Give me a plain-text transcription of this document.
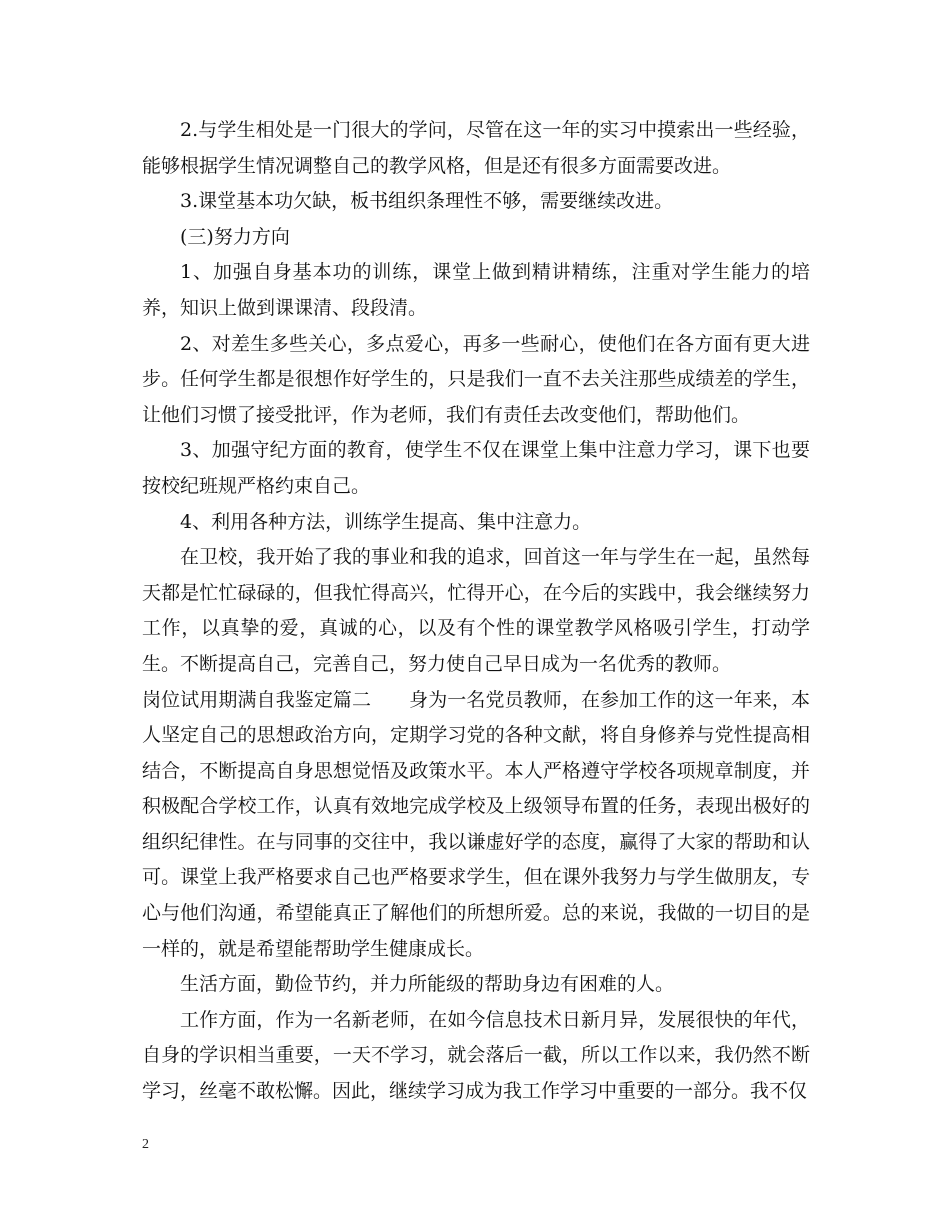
2.与学生相处是一门很大的学问，尽管在这一年的实习中摸索出一些经验，能够根据学生情况调整自己的教学风格，但是还有很多方面需要改进。

3.课堂基本功欠缺，板书组织条理性不够，需要继续改进。

(三)努力方向

1、加强自身基本功的训练，课堂上做到精讲精练，注重对学生能力的培养，知识上做到课课清、段段清。

2、对差生多些关心，多点爱心，再多一些耐心，使他们在各方面有更大进步。任何学生都是很想作好学生的，只是我们一直不去关注那些成绩差的学生，让他们习惯了接受批评，作为老师，我们有责任去改变他们，帮助他们。

3、加强守纪方面的教育，使学生不仅在课堂上集中注意力学习，课下也要按校纪班规严格约束自己。

4、利用各种方法，训练学生提高、集中注意力。

在卫校，我开始了我的事业和我的追求，回首这一年与学生在一起，虽然每天都是忙忙碌碌的，但我忙得高兴，忙得开心，在今后的实践中，我会继续努力工作，以真挚的爱，真诚的心，以及有个性的课堂教学风格吸引学生，打动学生。不断提高自己，完善自己，努力使自己早日成为一名优秀的教师。

岗位试用期满自我鉴定篇二 身为一名党员教师，在参加工作的这一年来，本人坚定自己的思想政治方向，定期学习党的各种文献，将自身修养与党性提高相结合，不断提高自身思想觉悟及政策水平。本人严格遵守学校各项规章制度，并积极配合学校工作，认真有效地完成学校及上级领导布置的任务，表现出极好的组织纪律性。在与同事的交往中，我以谦虚好学的态度，赢得了大家的帮助和认可。课堂上我严格要求自己也严格要求学生，但在课外我努力与学生做朋友，专心与他们沟通，希望能真正了解他们的所想所爱。总的来说，我做的一切目的是一样的，就是希望能帮助学生健康成长。

生活方面，勤俭节约，并力所能级的帮助身边有困难的人。

工作方面，作为一名新老师，在如今信息技术日新月异，发展很快的年代，自身的学识相当重要，一天不学习，就会落后一截，所以工作以来，我仍然不断学习，丝毫不敢松懈。因此，继续学习成为我工作学习中重要的一部分。我不仅

2
